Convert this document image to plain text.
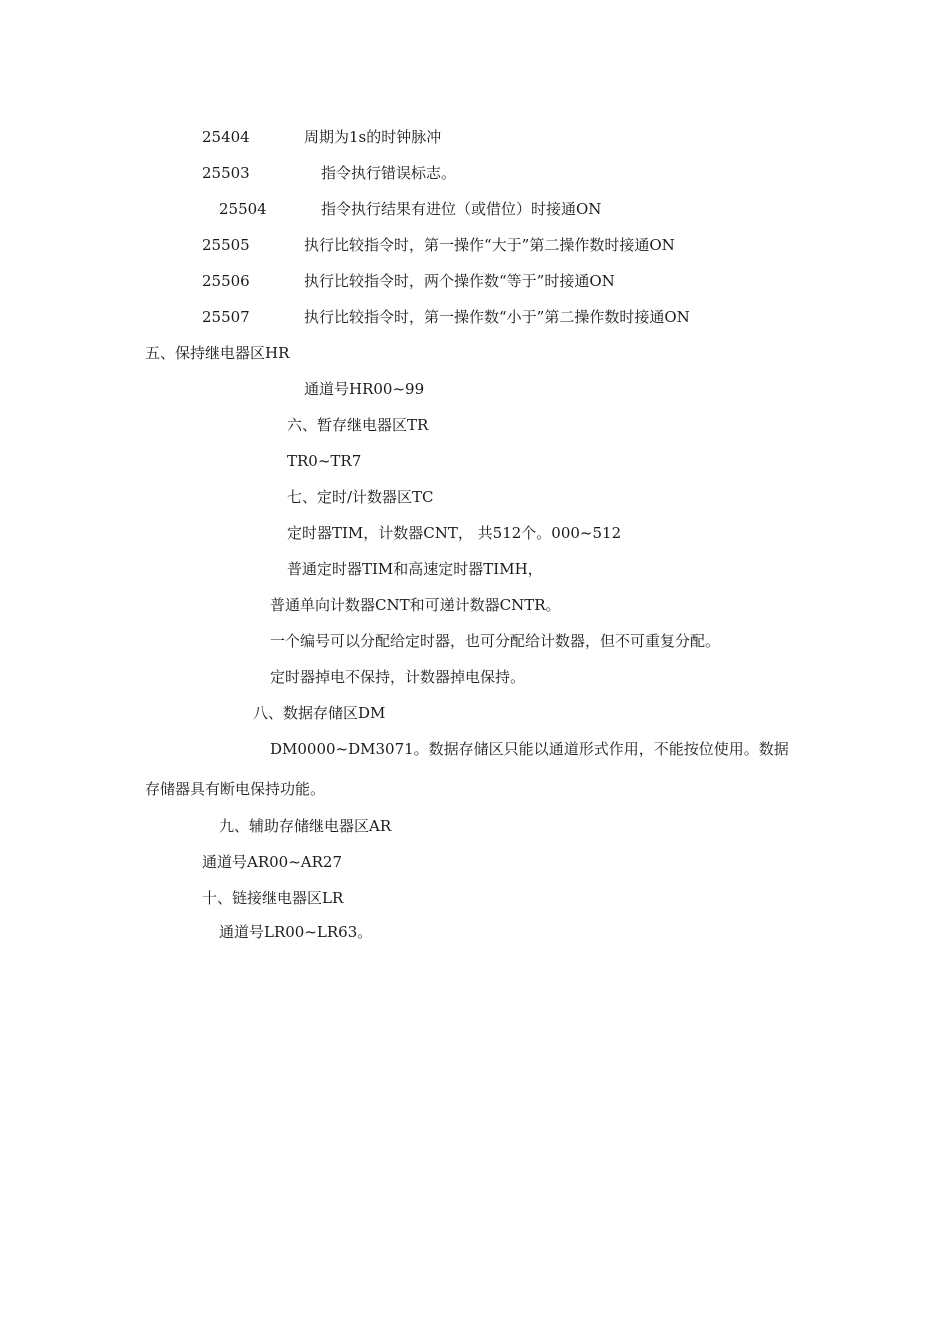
25404	周期为1s的时钟脉冲
25503	指令执行错误标志。
25504	指令执行结果有进位（或借位）时接通ON
25505	执行比较指令时，第一操作“大于”第二操作数时接通ON
25506	执行比较指令时，两个操作数“等于”时接通ON
25507	执行比较指令时，第一操作数“小于”第二操作数时接通ON
五、保持继电器区HR
通道号HR00~99
六、暂存继电器区TR
TR0~TR7
七、定时/计数器区TC
定时器TIM，计数器CNT， 共512个。000~512
普通定时器TIM和高速定时器TIMH，
普通单向计数器CNT和可递计数器CNTR。
一个编号可以分配给定时器，也可分配给计数器，但不可重复分配。
定时器掉电不保持，计数器掉电保持。
八、数据存储区DM
DM0000~DM3071。数据存储区只能以通道形式作用，不能按位使用。数据
存储器具有断电保持功能。
九、辅助存储继电器区AR
通道号AR00~AR27
十、链接继电器区LR
通道号LR00~LR63。
